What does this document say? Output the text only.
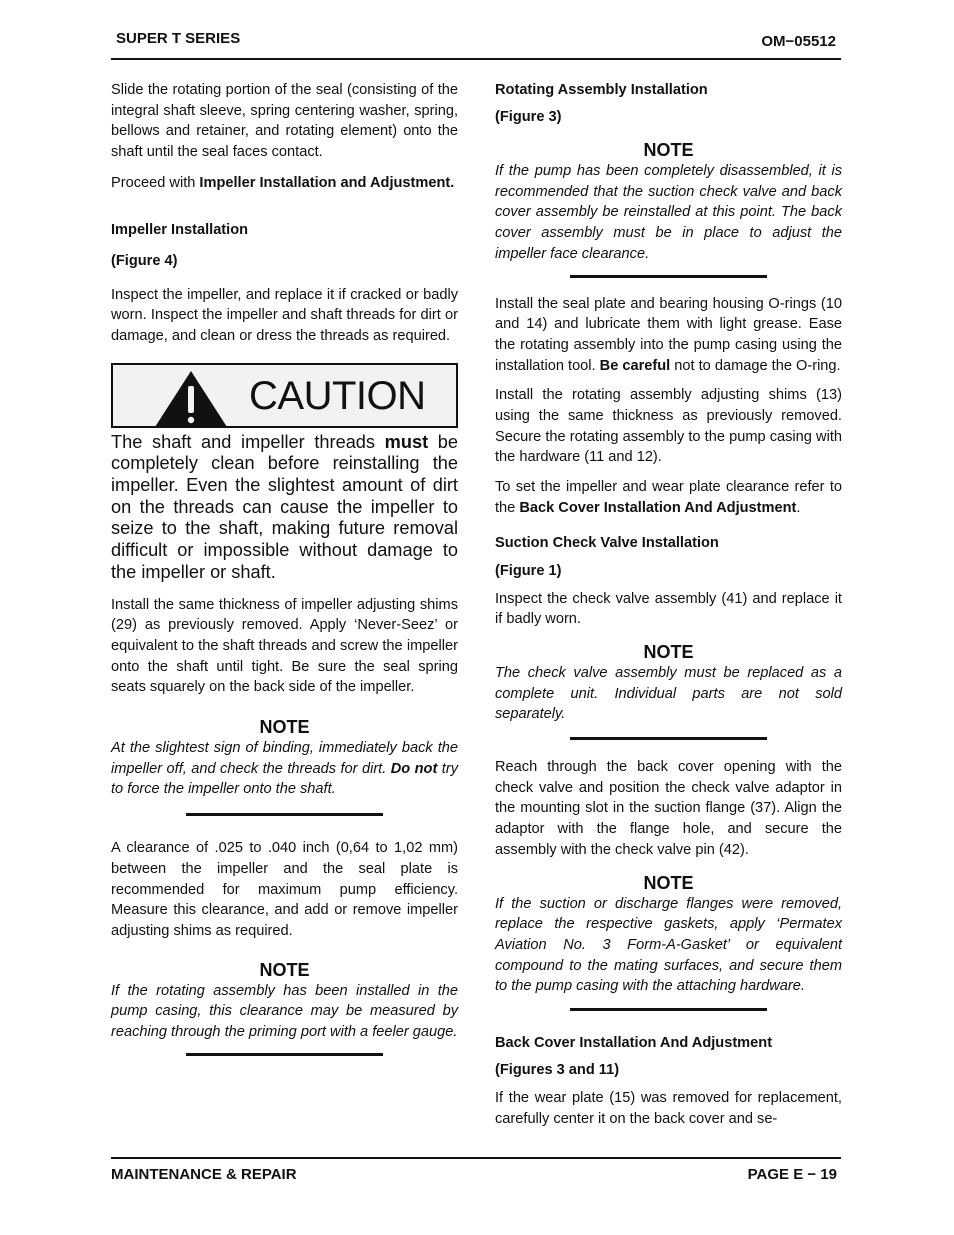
SUPER T SERIES	OM−05512

Slide the rotating portion of the seal (consisting of the integral shaft sleeve, spring centering washer, spring, bellows and retainer, and rotating element) onto the shaft until the seal faces contact.

Proceed with Impeller Installation and Adjustment.

Impeller Installation

(Figure 4)

Inspect the impeller, and replace it if cracked or badly worn. Inspect the impeller and shaft threads for dirt or damage, and clean or dress the threads as required.

CAUTION

The shaft and impeller threads must be completely clean before reinstalling the impeller. Even the slightest amount of dirt on the threads can cause the impeller to seize to the shaft, making future removal difficult or impossible without damage to the impeller or shaft.

Install the same thickness of impeller adjusting shims (29) as previously removed. Apply ‘Never-Seez’ or equivalent to the shaft threads and screw the impeller onto the shaft until tight. Be sure the seal spring seats squarely on the back side of the impeller.

NOTE

At the slightest sign of binding, immediately back the impeller off, and check the threads for dirt. Do not try to force the impeller onto the shaft.

A clearance of .025 to .040 inch (0,64 to 1,02 mm) between the impeller and the seal plate is recommended for maximum pump efficiency. Measure this clearance, and add or remove impeller adjusting shims as required.

NOTE

If the rotating assembly has been installed in the pump casing, this clearance may be measured by reaching through the priming port with a feeler gauge.

Rotating Assembly Installation

(Figure 3)

NOTE

If the pump has been completely disassembled, it is recommended that the suction check valve and back cover assembly be reinstalled at this point. The back cover assembly must be in place to adjust the impeller face clearance.

Install the seal plate and bearing housing O-rings (10 and 14) and lubricate them with light grease. Ease the rotating assembly into the pump casing using the installation tool. Be careful not to damage the O-ring.

Install the rotating assembly adjusting shims (13) using the same thickness as previously removed. Secure the rotating assembly to the pump casing with the hardware (11 and 12).

To set the impeller and wear plate clearance refer to the Back Cover Installation And Adjustment.

Suction Check Valve Installation

(Figure 1)

Inspect the check valve assembly (41) and replace it if badly worn.

NOTE

The check valve assembly must be replaced as a complete unit. Individual parts are not sold separately.

Reach through the back cover opening with the check valve and position the check valve adaptor in the mounting slot in the suction flange (37). Align the adaptor with the flange hole, and secure the assembly with the check valve pin (42).

NOTE

If the suction or discharge flanges were removed, replace the respective gaskets, apply ‘Permatex Aviation No. 3 Form-A-Gasket’ or equivalent compound to the mating surfaces, and secure them to the pump casing with the attaching hardware.

Back Cover Installation And Adjustment

(Figures 3 and 11)

If the wear plate (15) was removed for replacement, carefully center it on the back cover and se-

MAINTENANCE & REPAIR	PAGE E − 19
